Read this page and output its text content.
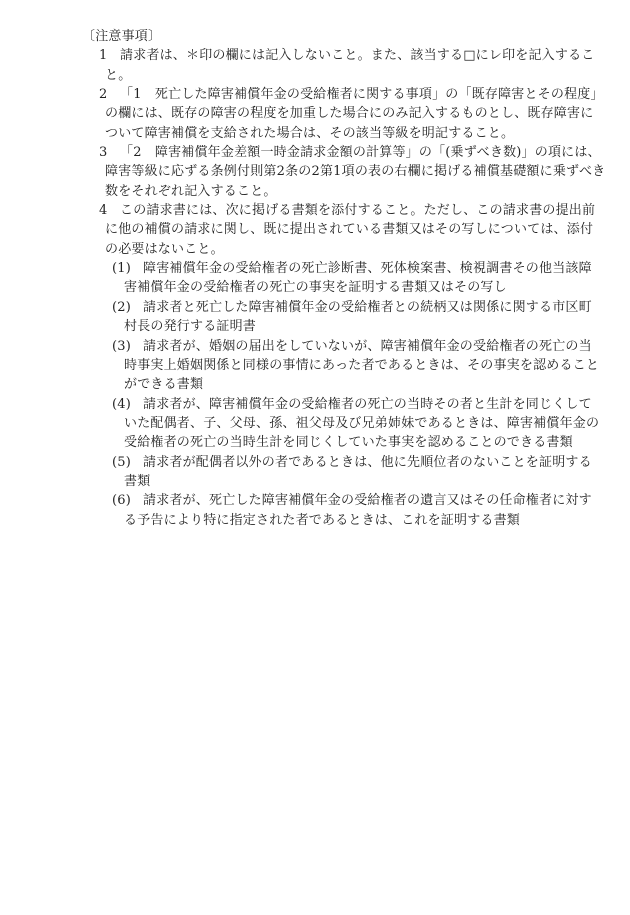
〔注意事項〕
1 請求者は、＊印の欄には記入しないこと。また、該当する□にレ印を記入するこ
と。
2 「1　死亡した障害補償年金の受給権者に関する事項」の「既存障害とその程度」
の欄には、既存の障害の程度を加重した場合にのみ記入するものとし、既存障害に
ついて障害補償を支給された場合は、その該当等級を明記すること。
3 「2　障害補償年金差額一時金請求金額の計算等」の「(乗ずべき数)」の項には、
障害等級に応ずる条例付則第2条の2第1項の表の右欄に掲げる補償基礎額に乗ずべき
数をそれぞれ記入すること。
4 この請求書には、次に掲げる書類を添付すること。ただし、この請求書の提出前
に他の補償の請求に関し、既に提出されている書類又はその写しについては、添付
の必要はないこと。
(1) 障害補償年金の受給権者の死亡診断書、死体検案書、検視調書その他当該障
害補償年金の受給権者の死亡の事実を証明する書類又はその写し
(2) 請求者と死亡した障害補償年金の受給権者との続柄又は関係に関する市区町
村長の発行する証明書
(3) 請求者が、婚姻の届出をしていないが、障害補償年金の受給権者の死亡の当
時事実上婚姻関係と同様の事情にあった者であるときは、その事実を認めること
ができる書類
(4) 請求者が、障害補償年金の受給権者の死亡の当時その者と生計を同じくして
いた配偶者、子、父母、孫、祖父母及び兄弟姉妹であるときは、障害補償年金の
受給権者の死亡の当時生計を同じくしていた事実を認めることのできる書類
(5) 請求者が配偶者以外の者であるときは、他に先順位者のないことを証明する
書類
(6) 請求者が、死亡した障害補償年金の受給権者の遺言又はその任命権者に対す
る予告により特に指定された者であるときは、これを証明する書類
